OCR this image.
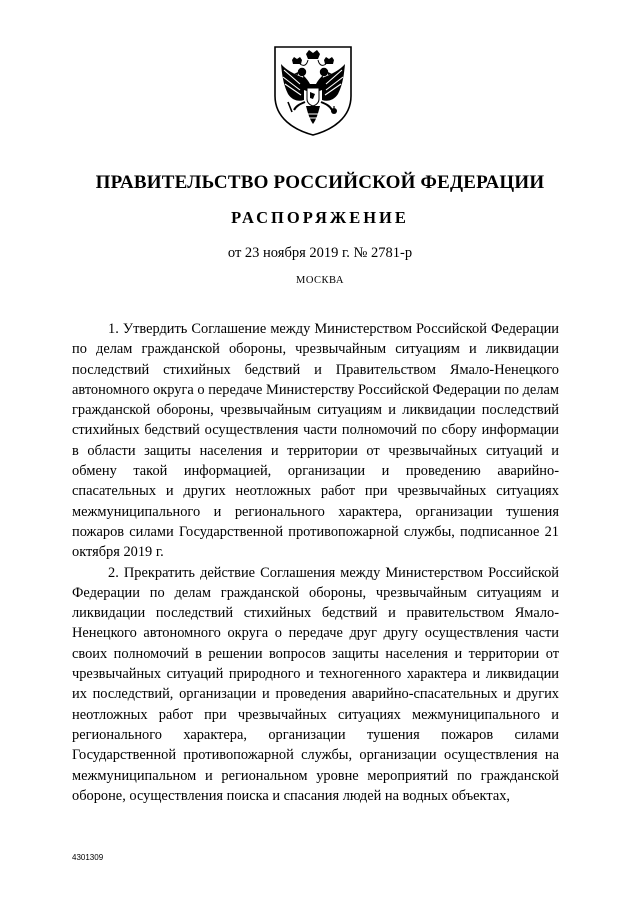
ПРАВИТЕЛЬСТВО РОССИЙСКОЙ ФЕДЕРАЦИИ
РАСПОРЯЖЕНИЕ

от 23 ноября 2019 г. № 2781-р

МОСКВА

1. Утвердить Соглашение между Министерством Российской Федерации по делам гражданской обороны, чрезвычайным ситуациям и ликвидации последствий стихийных бедствий и Правительством Ямало-Ненецкого автономного округа о передаче Министерству Российской Федерации по делам гражданской обороны, чрезвычайным ситуациям и ликвидации последствий стихийных бедствий осуществления части полномочий по сбору информации в области защиты населения и территории от чрезвычайных ситуаций и обмену такой информацией, организации и проведению аварийно-спасательных и других неотложных работ при чрезвычайных ситуациях межмуниципального и регионального характера, организации тушения пожаров силами Государственной противопожарной службы, подписанное 21 октября 2019 г.

2. Прекратить действие Соглашения между Министерством Российской Федерации по делам гражданской обороны, чрезвычайным ситуациям и ликвидации последствий стихийных бедствий и правительством Ямало-Ненецкого автономного округа о передаче друг другу осуществления части своих полномочий в решении вопросов защиты населения и территории от чрезвычайных ситуаций природного и техногенного характера и ликвидации их последствий, организации и проведения аварийно-спасательных и других неотложных работ при чрезвычайных ситуациях межмуниципального и регионального характера, организации тушения пожаров силами Государственной противопожарной службы, организации осуществления на межмуниципальном и региональном уровне мероприятий по гражданской обороне, осуществления поиска и спасания людей на водных объектах,

4301309
